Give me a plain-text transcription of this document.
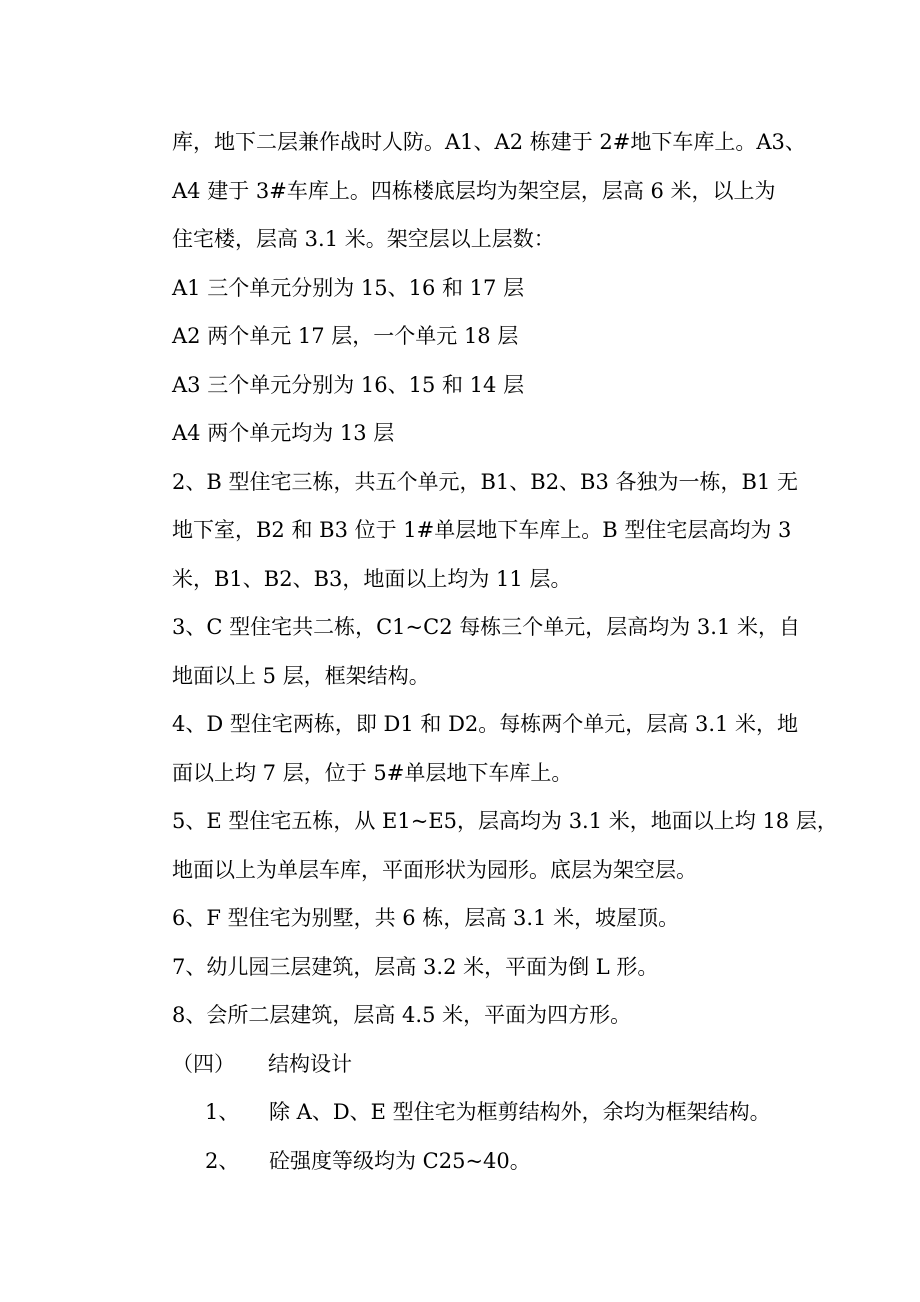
库，地下二层兼作战时人防。A1、A2 栋建于 2#地下车库上。A3、
A4 建于 3#车库上。四栋楼底层均为架空层，层高 6 米，以上为
住宅楼，层高 3.1 米。架空层以上层数：
A1 三个单元分别为 15、16 和 17 层
A2 两个单元 17 层，一个单元 18 层
A3 三个单元分别为 16、15 和 14 层
A4 两个单元均为 13 层
2、B 型住宅三栋，共五个单元，B1、B2、B3 各独为一栋，B1 无
地下室，B2 和 B3 位于 1#单层地下车库上。B 型住宅层高均为 3
米，B1、B2、B3，地面以上均为 11 层。
3、C 型住宅共二栋，C1~C2 每栋三个单元，层高均为 3.1 米，自
地面以上 5 层，框架结构。
4、D 型住宅两栋，即 D1 和 D2。每栋两个单元，层高 3.1 米，地
面以上均 7 层，位于 5#单层地下车库上。
5、E 型住宅五栋，从 E1~E5，层高均为 3.1 米，地面以上均 18 层，
地面以上为单层车库，平面形状为园形。底层为架空层。
6、F 型住宅为别墅，共 6 栋，层高 3.1 米，坡屋顶。
7、幼儿园三层建筑，层高 3.2 米，平面为倒 L 形。
8、会所二层建筑，层高 4.5 米，平面为四方形。
（四） 结构设计
1、 除 A、D、E 型住宅为框剪结构外，余均为框架结构。
2、 砼强度等级均为 C25~40。
